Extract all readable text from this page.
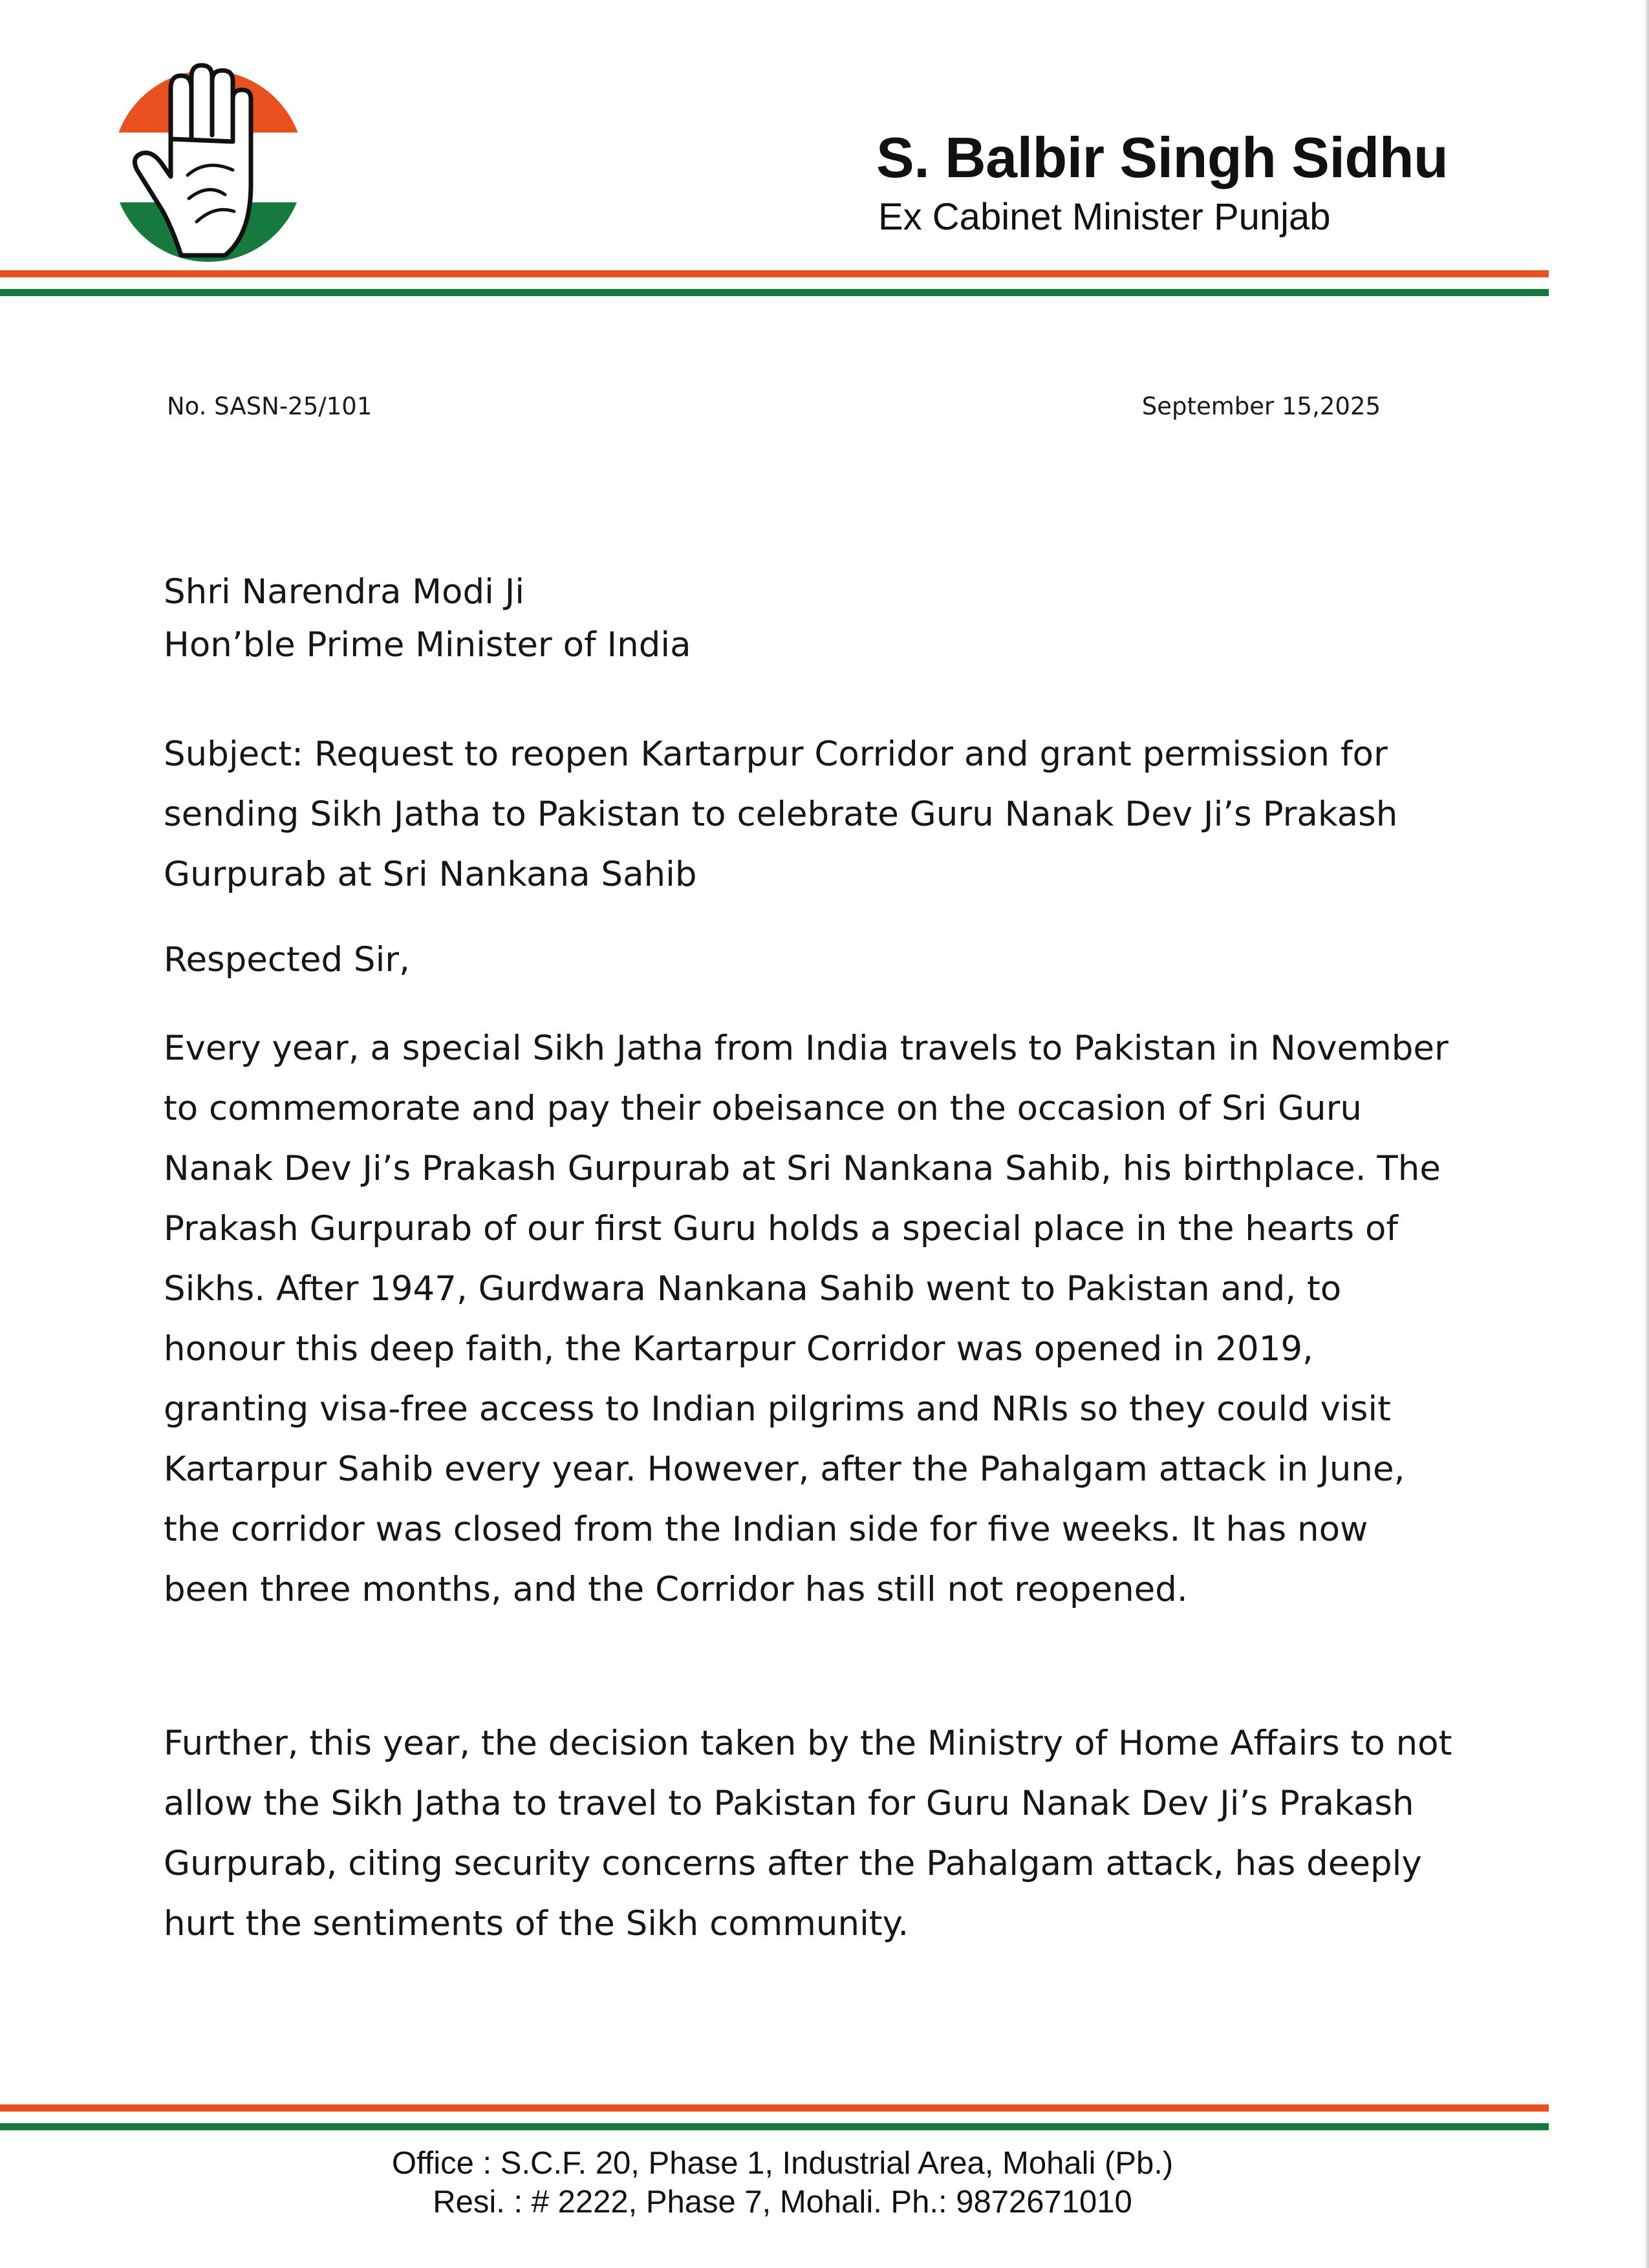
S. Balbir Singh Sidhu
Ex Cabinet Minister Punjab
No. SASN-25/101	September 15,2025
Shri Narendra Modi Ji
Hon’ble Prime Minister of India
Subject: Request to reopen Kartarpur Corridor and grant permission for sending Sikh Jatha to Pakistan to celebrate Guru Nanak Dev Ji’s Prakash Gurpurab at Sri Nankana Sahib
Respected Sir,
Every year, a special Sikh Jatha from India travels to Pakistan in November to commemorate and pay their obeisance on the occasion of Sri Guru Nanak Dev Ji’s Prakash Gurpurab at Sri Nankana Sahib, his birthplace. The Prakash Gurpurab of our first Guru holds a special place in the hearts of Sikhs. After 1947, Gurdwara Nankana Sahib went to Pakistan and, to honour this deep faith, the Kartarpur Corridor was opened in 2019, granting visa-free access to Indian pilgrims and NRIs so they could visit Kartarpur Sahib every year. However, after the Pahalgam attack in June, the corridor was closed from the Indian side for five weeks. It has now been three months, and the Corridor has still not reopened.
Further, this year, the decision taken by the Ministry of Home Affairs to not allow the Sikh Jatha to travel to Pakistan for Guru Nanak Dev Ji’s Prakash Gurpurab, citing security concerns after the Pahalgam attack, has deeply hurt the sentiments of the Sikh community.
Office : S.C.F. 20, Phase 1, Industrial Area, Mohali (Pb.)
Resi. : # 2222, Phase 7, Mohali. Ph.: 9872671010
